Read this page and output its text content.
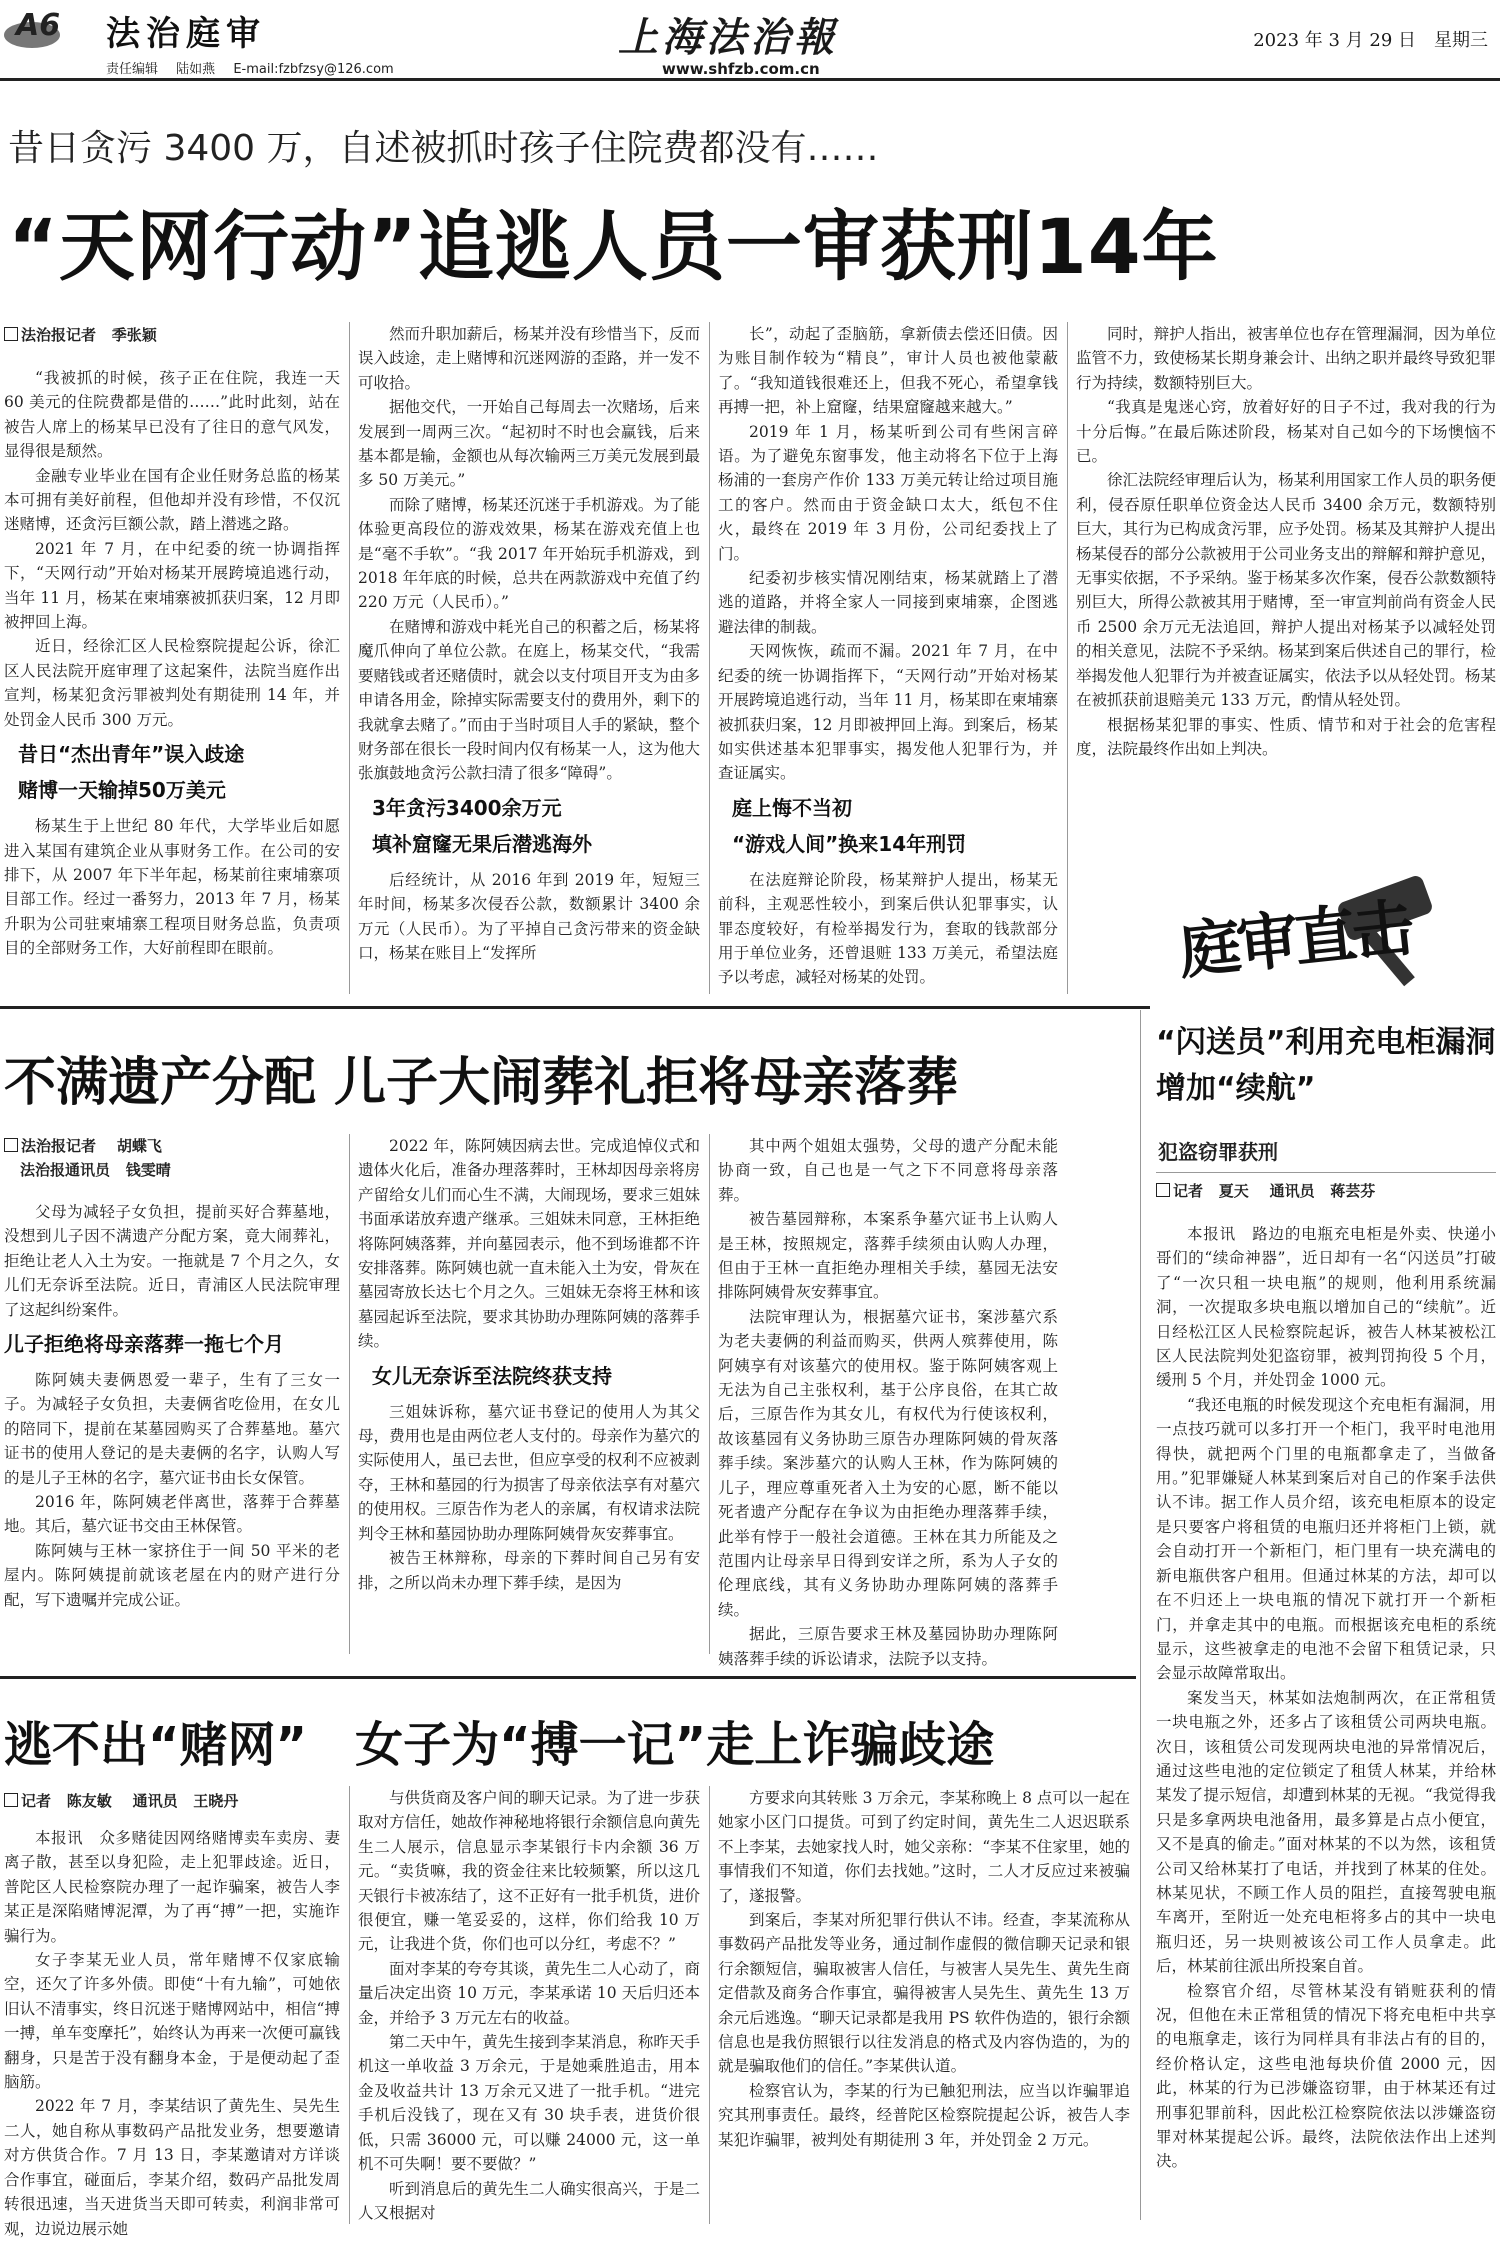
A6 法治庭审
责任编辑 陆如燕 E-mail:fzbfzsy@126.com
上海法治報
www.shfzb.com.cn
2023 年 3 月 29 日　星期三
昔日贪污 3400 万，自述被抓时孩子住院费都没有……
“天网行动”追逃人员一审获刑14年
法治报记者 季张颖

“我被抓的时候，孩子正在住院，我连一天 60 美元的住院费都是借的……”此时此刻，站在被告人席上的杨某早已没有了往日的意气风发，显得很是颓然。

金融专业毕业在国有企业任财务总监的杨某本可拥有美好前程，但他却并没有珍惜，不仅沉迷赌博，还贪污巨额公款，踏上潜逃之路。

2021 年 7 月，在中纪委的统一协调指挥下，“天网行动”开始对杨某开展跨境追逃行动，当年 11 月，杨某在柬埔寨被抓获归案，12 月即被押回上海。

近日，经徐汇区人民检察院提起公诉，徐汇区人民法院开庭审理了这起案件，法院当庭作出宣判，杨某犯贪污罪被判处有期徒刑 14 年，并处罚金人民币 300 万元。

昔日“杰出青年”误入歧途
赌博一天输掉50万美元

杨某生于上世纪 80 年代，大学毕业后如愿进入某国有建筑企业从事财务工作。在公司的安排下，从 2007 年下半年起，杨某前往柬埔寨项目部工作。经过一番努力，2013 年 7 月，杨某升职为公司驻柬埔寨工程项目财务总监，负责项目的全部财务工作，大好前程即在眼前。

然而升职加薪后，杨某并没有珍惜当下，反而误入歧途，走上赌博和沉迷网游的歪路，并一发不可收拾。

据他交代，一开始自己每周去一次赌场，后来发展到一周两三次。“起初时不时也会赢钱，后来基本都是输，金额也从每次输两三万美元发展到最多 50 万美元。”

而除了赌博，杨某还沉迷于手机游戏。为了能体验更高段位的游戏效果，杨某在游戏充值上也是“毫不手软”。“我 2017 年开始玩手机游戏，到 2018 年年底的时候，总共在两款游戏中充值了约 220 万元（人民币）。”

在赌博和游戏中耗光自己的积蓄之后，杨某将魔爪伸向了单位公款。在庭上，杨某交代，“我需要赌钱或者还赌债时，就会以支付项目开支为由多申请各用金，除掉实际需要支付的费用外，剩下的我就拿去赌了。”而由于当时项目人手的紧缺，整个财务部在很长一段时间内仅有杨某一人，这为他大张旗鼓地贪污公款扫清了很多“障碍”。

3年贪污3400余万元
填补窟窿无果后潜逃海外

后经统计，从 2016 年到 2019 年，短短三年时间，杨某多次侵吞公款，数额累计 3400 余万元（人民币）。为了平掉自己贪污带来的资金缺口，杨某在账目上“发挥所

长”，动起了歪脑筋，拿新债去偿还旧债。因为账目制作较为“精良”，审计人员也被他蒙蔽了。“我知道钱很难还上，但我不死心，希望拿钱再搏一把，补上窟窿，结果窟窿越来越大。”

2019 年 1 月，杨某听到公司有些闲言碎语。为了避免东窗事发，他主动将名下位于上海杨浦的一套房产作价 133 万美元转让给过项目施工的客户。然而由于资金缺口太大，纸包不住火，最终在 2019 年 3 月份，公司纪委找上了门。

纪委初步核实情况刚结束，杨某就踏上了潜逃的道路，并将全家人一同接到柬埔寨，企图逃避法律的制裁。

天网恢恢，疏而不漏。2021 年 7 月，在中纪委的统一协调指挥下，“天网行动”开始对杨某开展跨境追逃行动，当年 11 月，杨某即在柬埔寨被抓获归案，12 月即被押回上海。到案后，杨某如实供述基本犯罪事实，揭发他人犯罪行为，并查证属实。

庭上悔不当初
“游戏人间”换来14年刑罚

在法庭辩论阶段，杨某辩护人提出，杨某无前科，主观恶性较小，到案后供认犯罪事实，认罪态度较好，有检举揭发行为，套取的钱款部分用于单位业务，还曾退赃 133 万美元，希望法庭予以考虑，减轻对杨某的处罚。

同时，辩护人指出，被害单位也存在管理漏洞，因为单位监管不力，致使杨某长期身兼会计、出纳之职并最终导致犯罪行为持续，数额特别巨大。

“我真是鬼迷心窍，放着好好的日子不过，我对我的行为十分后悔。”在最后陈述阶段，杨某对自己如今的下场懊恼不已。

徐汇法院经审理后认为，杨某利用国家工作人员的职务便利，侵吞原任职单位资金达人民币 3400 余万元，数额特别巨大，其行为已构成贪污罪，应予处罚。杨某及其辩护人提出杨某侵吞的部分公款被用于公司业务支出的辩解和辩护意见，无事实依据，不予采纳。鉴于杨某多次作案，侵吞公款数额特别巨大，所得公款被其用于赌博，至一审宣判前尚有资金人民币 2500 余万元无法追回，辩护人提出对杨某予以减轻处罚的相关意见，法院不予采纳。杨某到案后供述自己的罪行，检举揭发他人犯罪行为并被查证属实，依法予以从轻处罚。杨某在被抓获前退赔美元 133 万元，酌情从轻处罚。

根据杨某犯罪的事实、性质、情节和对于社会的危害程度，法院最终作出如上判决。

庭审直击
不满遗产分配 儿子大闹葬礼拒将母亲落葬
法治报记者 胡蝶飞
法治报通讯员 钱雯晴

父母为减轻子女负担，提前买好合葬墓地，没想到儿子因不满遗产分配方案，竟大闹葬礼，拒绝让老人入土为安。一拖就是 7 个月之久，女儿们无奈诉至法院。近日，青浦区人民法院审理了这起纠纷案件。

儿子拒绝将母亲落葬一拖七个月

陈阿姨夫妻俩恩爱一辈子，生有了三女一子。为减轻子女负担，夫妻俩省吃俭用，在女儿的陪同下，提前在某墓园购买了合葬墓地。墓穴证书的使用人登记的是夫妻俩的名字，认购人写的是儿子王林的名字，墓穴证书由长女保管。

2016 年，陈阿姨老伴离世，落葬于合葬墓地。其后，墓穴证书交由王林保管。

陈阿姨与王林一家挤住于一间 50 平米的老屋内。陈阿姨提前就该老屋在内的财产进行分配，写下遗嘱并完成公证。

2022 年，陈阿姨因病去世。完成追悼仪式和遗体火化后，准备办理落葬时，王林却因母亲将房产留给女儿们而心生不满，大闹现场，要求三姐妹书面承诺放弃遗产继承。三姐妹未同意，王林拒绝将陈阿姨落葬，并向墓园表示，他不到场谁都不许安排落葬。陈阿姨也就一直未能入土为安，骨灰在墓园寄放长达七个月之久。三姐妹无奈将王林和该墓园起诉至法院，要求其协助办理陈阿姨的落葬手续。

女儿无奈诉至法院终获支持

三姐妹诉称，墓穴证书登记的使用人为其父母，费用也是由两位老人支付的。母亲作为墓穴的实际使用人，虽已去世，但应享受的权利不应被剥夺，王林和墓园的行为损害了母亲依法享有对墓穴的使用权。三原告作为老人的亲属，有权请求法院判令王林和墓园协助办理陈阿姨骨灰安葬事宜。

被告王林辩称，母亲的下葬时间自己另有安排，之所以尚未办理下葬手续，是因为

其中两个姐姐太强势，父母的遗产分配未能协商一致，自己也是一气之下不同意将母亲落葬。

被告墓园辩称，本案系争墓穴证书上认购人是王林，按照规定，落葬手续须由认购人办理，但由于王林一直拒绝办理相关手续，墓园无法安排陈阿姨骨灰安葬事宜。

法院审理认为，根据墓穴证书，案涉墓穴系为老夫妻俩的利益而购买，供两人殡葬使用，陈阿姨享有对该墓穴的使用权。鉴于陈阿姨客观上无法为自己主张权利，基于公序良俗，在其亡故后，三原告作为其女儿，有权代为行使该权利，故该墓园有义务协助三原告办理陈阿姨的骨灰落葬手续。案涉墓穴的认购人王林，作为陈阿姨的儿子，理应尊重死者入土为安的心愿，断不能以死者遗产分配存在争议为由拒绝办理落葬手续，此举有悖于一般社会道德。王林在其力所能及之范围内让母亲早日得到安详之所，系为人子女的伦理底线，其有义务协助办理陈阿姨的落葬手续。

据此，三原告要求王林及墓园协助办理陈阿姨落葬手续的诉讼请求，法院予以支持。

“闪送员”利用充电柜漏洞增加“续航”
犯盗窃罪获刑
记者 夏天 通讯员 蒋芸芬

本报讯　路边的电瓶充电柜是外卖、快递小哥们的“续命神器”，近日却有一名“闪送员”打破了“一次只租一块电瓶”的规则，他利用系统漏洞，一次提取多块电瓶以增加自己的“续航”。近日经松江区人民检察院起诉，被告人林某被松江区人民法院判处犯盗窃罪，被判罚拘役 5 个月，缓刑 5 个月，并处罚金 1000 元。

“我还电瓶的时候发现这个充电柜有漏洞，用一点技巧就可以多打开一个柜门，我平时电池用得快，就把两个门里的电瓶都拿走了，当做备用。”犯罪嫌疑人林某到案后对自己的作案手法供认不讳。据工作人员介绍，该充电柜原本的设定是只要客户将租赁的电瓶归还并将柜门上锁，就会自动打开一个新柜门，柜门里有一块充满电的新电瓶供客户租用。但通过林某的方法，却可以在不归还上一块电瓶的情况下就打开一个新柜门，并拿走其中的电瓶。而根据该充电柜的系统显示，这些被拿走的电池不会留下租赁记录，只会显示故障常取出。

案发当天，林某如法炮制两次，在正常租赁一块电瓶之外，还多占了该租赁公司两块电瓶。次日，该租赁公司发现两块电池的异常情况后，通过这些电池的定位锁定了租赁人林某，并给林某发了提示短信，却遭到林某的无视。“我觉得我只是多拿两块电池备用，最多算是占点小便宜，又不是真的偷走。”面对林某的不以为然，该租赁公司又给林某打了电话，并找到了林某的住处。林某见状，不顾工作人员的阻拦，直接驾驶电瓶车离开，至附近一处充电柜将多占的其中一块电瓶归还，另一块则被该公司工作人员拿走。此后，林某前往派出所投案自首。

检察官介绍，尽管林某没有销赃获利的情况，但他在未正常租赁的情况下将充电柜中共享的电瓶拿走，该行为同样具有非法占有的目的，经价格认定，这些电池每块价值 2000 元，因此，林某的行为已涉嫌盗窃罪，由于林某还有过刑事犯罪前科，因此松江检察院依法以涉嫌盗窃罪对林某提起公诉。最终，法院依法作出上述判决。

逃不出“赌网”　女子为“搏一记”走上诈骗歧途
记者 陈友敏 通讯员 王晓丹

本报讯　众多赌徒因网络赌博卖车卖房、妻离子散，甚至以身犯险，走上犯罪歧途。近日，普陀区人民检察院办理了一起诈骗案，被告人李某正是深陷赌博泥潭，为了再“搏”一把，实施诈骗行为。

女子李某无业人员，常年赌博不仅家底输空，还欠了许多外债。即使“十有九输”，可她依旧认不清事实，终日沉迷于赌博网站中，相信“搏一搏，单车变摩托”，始终认为再来一次便可赢钱翻身，只是苦于没有翻身本金，于是便动起了歪脑筋。

2022 年 7 月，李某结识了黄先生、吴先生二人，她自称从事数码产品批发业务，想要邀请对方供货合作。7 月 13 日，李某邀请对方详谈合作事宜，碰面后，李某介绍，数码产品批发周转很迅速，当天进货当天即可转卖，利润非常可观，边说边展示她

与供货商及客户间的聊天记录。为了进一步获取对方信任，她故作神秘地将银行余额信息向黄先生二人展示，信息显示李某银行卡内余额 36 万元。“卖货嘛，我的资金往来比较频繁，所以这几天银行卡被冻结了，这不正好有一批手机货，进价很便宜，赚一笔妥妥的，这样，你们给我 10 万元，让我进个货，你们也可以分红，考虑不？”

面对李某的夸夸其谈，黄先生二人心动了，商量后决定出资 10 万元，李某承诺 10 天后归还本金，并给予 3 万元左右的收益。

第二天中午，黄先生接到李某消息，称昨天手机这一单收益 3 万余元，于是她乘胜追击，用本金及收益共计 13 万余元又进了一批手机。“进完手机后没钱了，现在又有 30 块手表，进货价很低，只需 36000 元，可以赚 24000 元，这一单机不可失啊！要不要做？”

听到消息后的黄先生二人确实很高兴，于是二人又根据对

方要求向其转账 3 万余元，李某称晚上 8 点可以一起在她家小区门口提货。可到了约定时间，黄先生二人迟迟联系不上李某，去她家找人时，她父亲称：“李某不住家里，她的事情我们不知道，你们去找她。”这时，二人才反应过来被骗了，遂报警。

到案后，李某对所犯罪行供认不讳。经查，李某流称从事数码产品批发等业务，通过制作虚假的微信聊天记录和银行余额短信，骗取被害人信任，与被害人吴先生、黄先生商定借款及商务合作事宜，骗得被害人吴先生、黄先生 13 万余元后逃逸。“聊天记录都是我用 PS 软件伪造的，银行余额信息也是我仿照银行以往发消息的格式及内容伪造的，为的就是骗取他们的信任。”李某供认道。

检察官认为，李某的行为已触犯刑法，应当以诈骗罪追究其刑事责任。最终，经普陀区检察院提起公诉，被告人李某犯诈骗罪，被判处有期徒刑 3 年，并处罚金 2 万元。
